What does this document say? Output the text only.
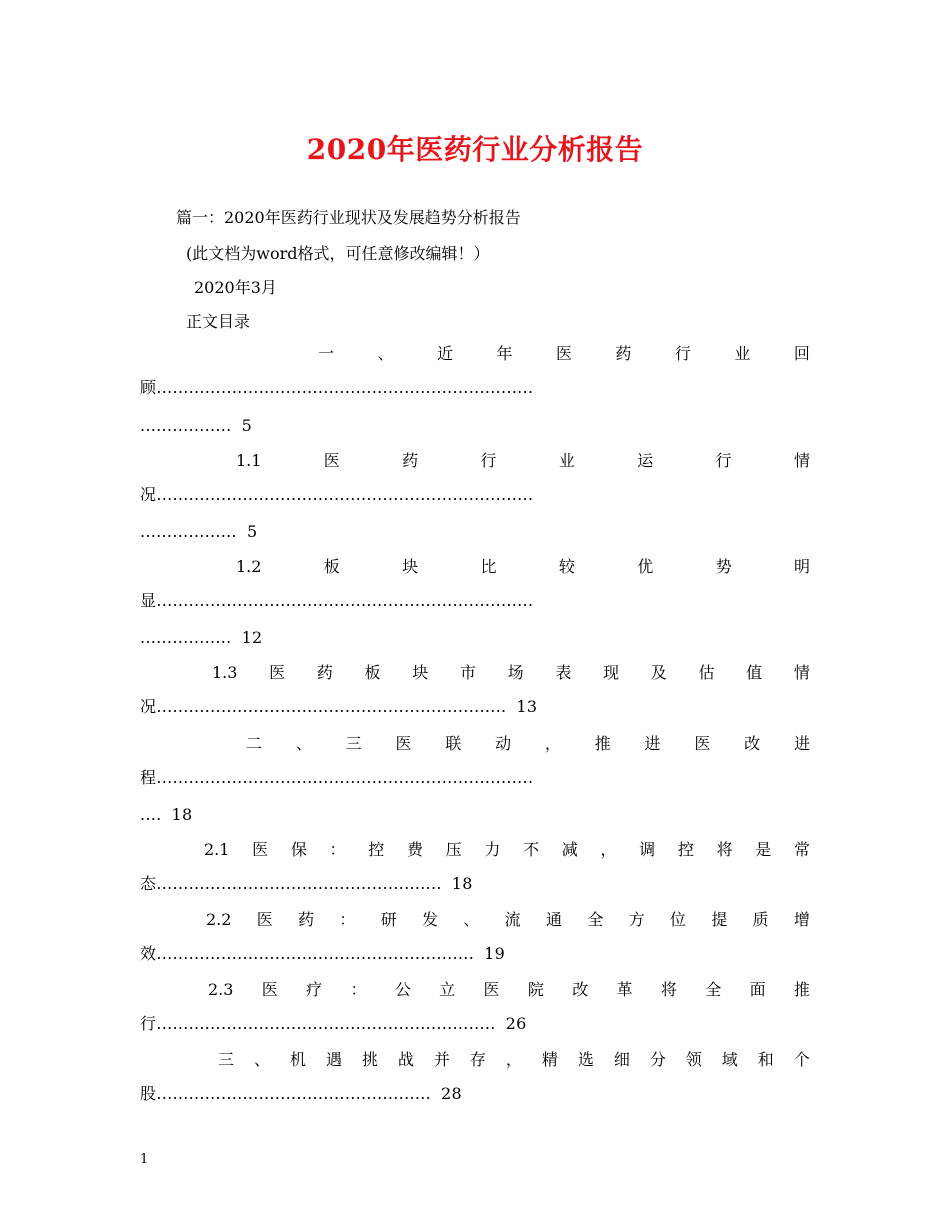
2020年医药行业分析报告
篇一：2020年医药行业现状及发展趋势分析报告
(此文档为word格式，可任意修改编辑！）
2020年3月
正文目录
一	、	近	年	医	药	行	业	回
顾......................................................................
................. 5
1.1	医	药	行	业	运	行	情
况......................................................................
.................. 5
1.2	板	块	比	较	优	势	明
显......................................................................
................. 12
1.3 医 药 板 块 市 场 表 现 及 估 值 情
况................................................................. 13
二 、 三 医 联 动 ， 推 进 医 改 进
程......................................................................
.... 18
2.1 医 保 ： 控 费 压 力 不 减 ， 调 控 将 是 常
态..................................................... 18
2.2 医 药 ： 研 发 、 流 通 全 方 位 提 质 增
效........................................................... 19
2.3 医 疗 ： 公 立 医 院 改 革 将 全 面 推
行............................................................... 26
三 、 机 遇 挑 战 并 存 ， 精 选 细 分 领 域 和 个
股................................................... 28
1
